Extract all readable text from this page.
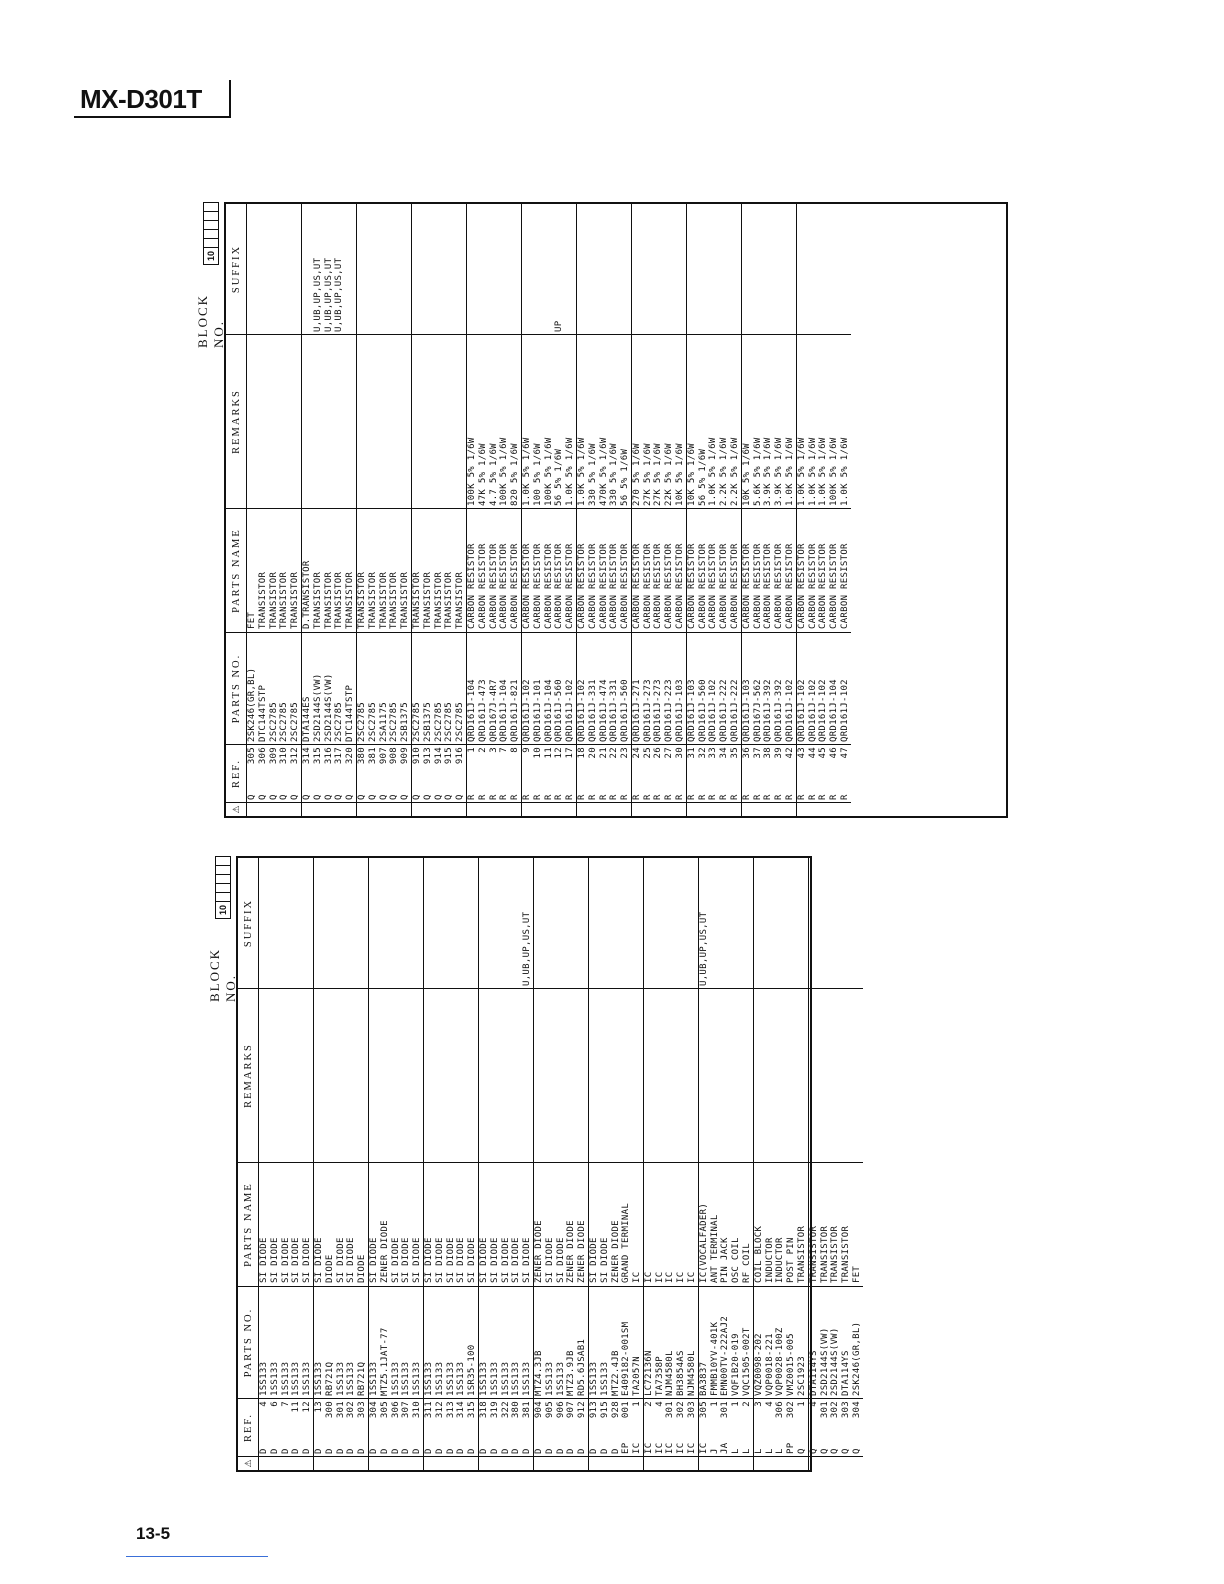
MX-D301T
BLOCK NO.
10
⚠
REF.
PARTS NO.
PARTS NAME
REMARKS
SUFFIX
D
4
1SS133
SI DIODE
D
6
1SS133
SI DIODE
D
7
1SS133
SI DIODE
D
11
1SS133
SI DIODE
D
12
1SS133
SI DIODE
D
13
1SS133
SI DIODE
D
300
RB721Q
DIODE
D
301
1SS133
SI DIODE
D
302
1SS133
SI DIODE
D
303
RB721Q
DIODE
D
304
1SS133
SI DIODE
D
305
MTZ5.1JAT-77
ZENER DIODE
D
306
1SS133
SI DIODE
D
307
1SS133
SI DIODE
D
310
1SS133
SI DIODE
D
311
1SS133
SI DIODE
D
312
1SS133
SI DIODE
D
313
1SS133
SI DIODE
D
314
1SS133
SI DIODE
D
315
1SR35-100
SI DIODE
D
318
1SS133
SI DIODE
D
319
1SS133
SI DIODE
D
322
1SS133
SI DIODE
D
380
1SS133
SI DIODE
D
381
1SS133
SI DIODE
U,UB,UP,US,UT
D
904
MTZ4.3JB
ZENER DIODE
D
905
1SS133
SI DIODE
D
906
1SS133
SI DIODE
D
907
MTZ3.9JB
ZENER DIODE
D
912
RD5.6JSAB1
ZENER DIODE
D
913
1SS133
SI DIODE
D
915
1SS133
SI DIODE
D
928
MTZ2.4JB
ZENER DIODE
EP
001
E409182-001SM
GRAND TERMINAL
IC
1
TA2057N
IC
IC
2
LC72136N
IC
IC
4
TA7358P
IC
IC
301
NJM4580L
IC
IC
302
BH3854AS
IC
IC
303
NJM4580L
IC
IC
305
BA3837
IC(VOCALFADER)
U,UB,UP,US,UT
J
1
FMMB10YV-401K
ANT TERMINAL
JA
301
EMN00TV-222AJ2
PIN JACK
L
1
VQF1B20-019
OSC COIL
L
2
VQC1505-002T
RF COIL
L
3
VQZ0098-202
COIL BLOCK
L
4
VQP0018-221
INDUCTOR
L
306
VQP0028-100Z
INDUCTOR
PP
302
VMZ0015-005
POST PIN
Q
1
2SC1923
TRANSISTOR
Q
4
DTA114YS
TRANSISTOR
Q
301
2SD2144S(VW)
TRANSISTOR
Q
302
2SD2144S(VW)
TRANSISTOR
Q
303
DTA114YS
TRANSISTOR
Q
304
2SK246(GR,BL)
FET
BLOCK NO.
10
⚠
REF.
PARTS NO.
PARTS NAME
REMARKS
SUFFIX
Q
305
2SK246(GR,BL)
FET
Q
306
DTC144TSTP
TRANSISTOR
Q
309
2SC2785
TRANSISTOR
Q
310
2SC2785
TRANSISTOR
Q
312
2SC2785
TRANSISTOR
Q
314
DTA144ES
D.TRANSISTOR
Q
315
2SD2144S(VW)
TRANSISTOR
U,UB,UP,US,UT
Q
316
2SD2144S(VW)
TRANSISTOR
U,UB,UP,US,UT
Q
317
2SC2785
TRANSISTOR
U,UB,UP,US,UT
Q
320
DTC144TSTP
TRANSISTOR
Q
380
2SC2785
TRANSISTOR
Q
381
2SC2785
TRANSISTOR
Q
907
2SA1175
TRANSISTOR
Q
908
2SC2785
TRANSISTOR
Q
909
2SB1375
TRANSISTOR
Q
910
2SC2785
TRANSISTOR
Q
913
2SB1375
TRANSISTOR
Q
914
2SC2785
TRANSISTOR
Q
915
2SC2785
TRANSISTOR
Q
916
2SC2785
TRANSISTOR
R
1
QRD161J-104
CARBON RESISTOR
100K 5% 1/6W
R
2
QRD161J-473
CARBON RESISTOR
47K 5% 1/6W
R
3
QRD167J-4R7
CARBON RESISTOR
4.7 5% 1/6W
R
7
QRD161J-104
CARBON RESISTOR
100K 5% 1/6W
R
8
QRD161J-821
CARBON RESISTOR
820 5% 1/6W
R
9
QRD161J-102
CARBON RESISTOR
1.0K 5% 1/6W
R
10
QRD161J-101
CARBON RESISTOR
100 5% 1/6W
R
11
QRD161J-104
CARBON RESISTOR
100K 5% 1/6W
R
12
QRD161J-560
CARBON RESISTOR
56 5% 1/6W
UP
R
17
QRD161J-102
CARBON RESISTOR
1.0K 5% 1/6W
R
18
QRD161J-102
CARBON RESISTOR
1.0K 5% 1/6W
R
20
QRD161J-331
CARBON RESISTOR
330 5% 1/6W
R
21
QRD161J-474
CARBON RESISTOR
470K 5% 1/6W
R
22
QRD161J-331
CARBON RESISTOR
330 5% 1/6W
R
23
QRD161J-560
CARBON RESISTOR
56 5% 1/6W
R
24
QRD161J-271
CARBON RESISTOR
270 5% 1/6W
R
25
QRD161J-273
CARBON RESISTOR
27K 5% 1/6W
R
26
QRD161J-273
CARBON RESISTOR
27K 5% 1/6W
R
27
QRD161J-223
CARBON RESISTOR
22K 5% 1/6W
R
30
QRD161J-103
CARBON RESISTOR
10K 5% 1/6W
R
31
QRD161J-103
CARBON RESISTOR
10K 5% 1/6W
R
32
QRD161J-560
CARBON RESISTOR
56 5% 1/6W
R
33
QRD161J-102
CARBON RESISTOR
1.0K 5% 1/6W
R
34
QRD161J-222
CARBON RESISTOR
2.2K 5% 1/6W
R
35
QRD161J-222
CARBON RESISTOR
2.2K 5% 1/6W
R
36
QRD161J-103
CARBON RESISTOR
10K 5% 1/6W
R
37
QRD167J-562
CARBON RESISTOR
5.6K 5% 1/6W
R
38
QRD161J-392
CARBON RESISTOR
3.9K 5% 1/6W
R
39
QRD161J-392
CARBON RESISTOR
3.9K 5% 1/6W
R
42
QRD161J-102
CARBON RESISTOR
1.0K 5% 1/6W
R
43
QRD161J-102
CARBON RESISTOR
1.0K 5% 1/6W
R
44
QRD161J-102
CARBON RESISTOR
1.0K 5% 1/6W
R
45
QRD161J-102
CARBON RESISTOR
1.0K 5% 1/6W
R
46
QRD161J-104
CARBON RESISTOR
100K 5% 1/6W
R
47
QRD161J-102
CARBON RESISTOR
1.0K 5% 1/6W
13-5
